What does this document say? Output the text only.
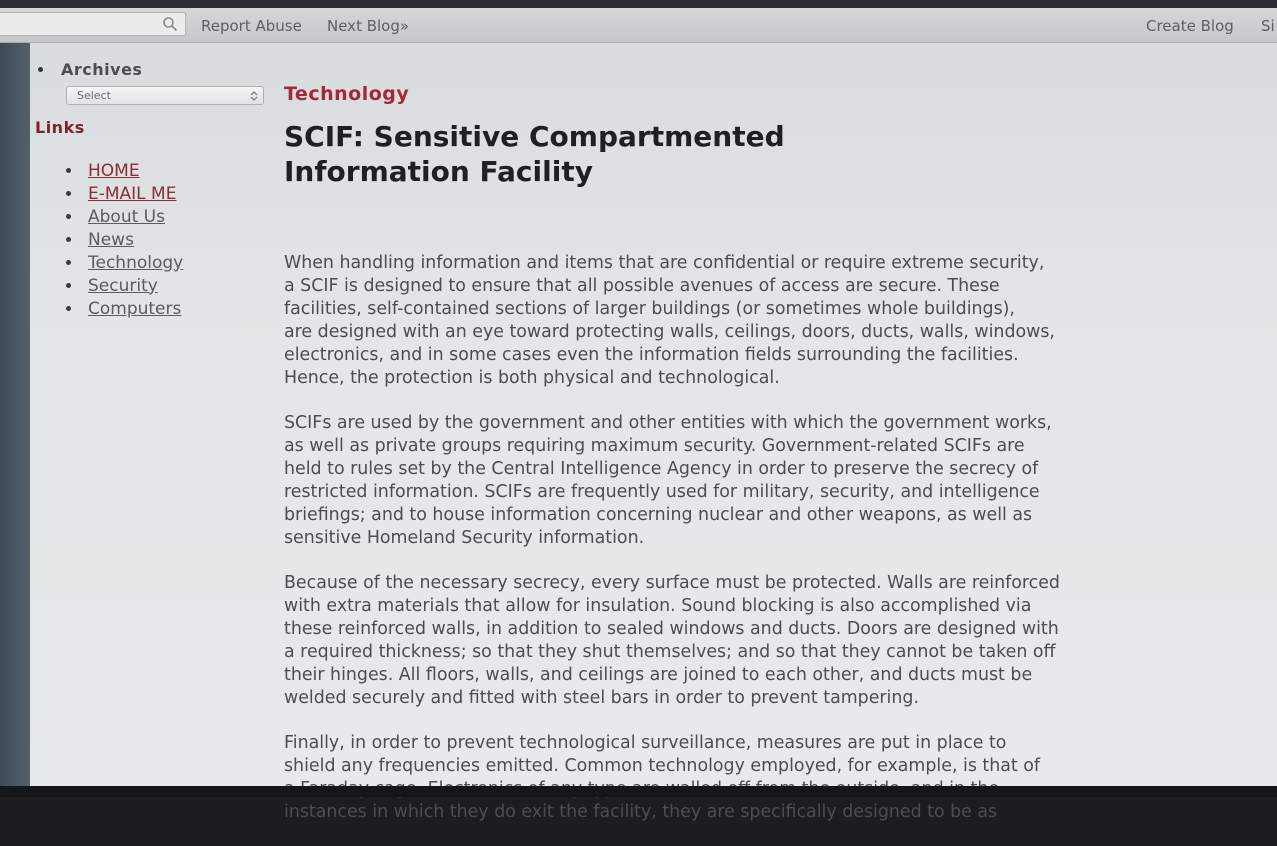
Report Abuse Next Blog»	Create Blog Si
Archives
Select
Links
HOME
E-MAIL ME
About Us
News
Technology
Security
Computers
Technology
SCIF: Sensitive Compartmented
Information Facility

When handling information and items that are confidential or require extreme security,
a SCIF is designed to ensure that all possible avenues of access are secure. These
facilities, self-contained sections of larger buildings (or sometimes whole buildings),
are designed with an eye toward protecting walls, ceilings, doors, ducts, walls, windows,
electronics, and in some cases even the information fields surrounding the facilities.
Hence, the protection is both physical and technological.

SCIFs are used by the government and other entities with which the government works,
as well as private groups requiring maximum security. Government-related SCIFs are
held to rules set by the Central Intelligence Agency in order to preserve the secrecy of
restricted information. SCIFs are frequently used for military, security, and intelligence
briefings; and to house information concerning nuclear and other weapons, as well as
sensitive Homeland Security information.

Because of the necessary secrecy, every surface must be protected. Walls are reinforced
with extra materials that allow for insulation. Sound blocking is also accomplished via
these reinforced walls, in addition to sealed windows and ducts. Doors are designed with
a required thickness; so that they shut themselves; and so that they cannot be taken off
their hinges. All floors, walls, and ceilings are joined to each other, and ducts must be
welded securely and fitted with steel bars in order to prevent tampering.

Finally, in order to prevent technological surveillance, measures are put in place to
shield any frequencies emitted. Common technology employed, for example, is that of

instances in which they do exit the facility, they are specifically designed to be as
